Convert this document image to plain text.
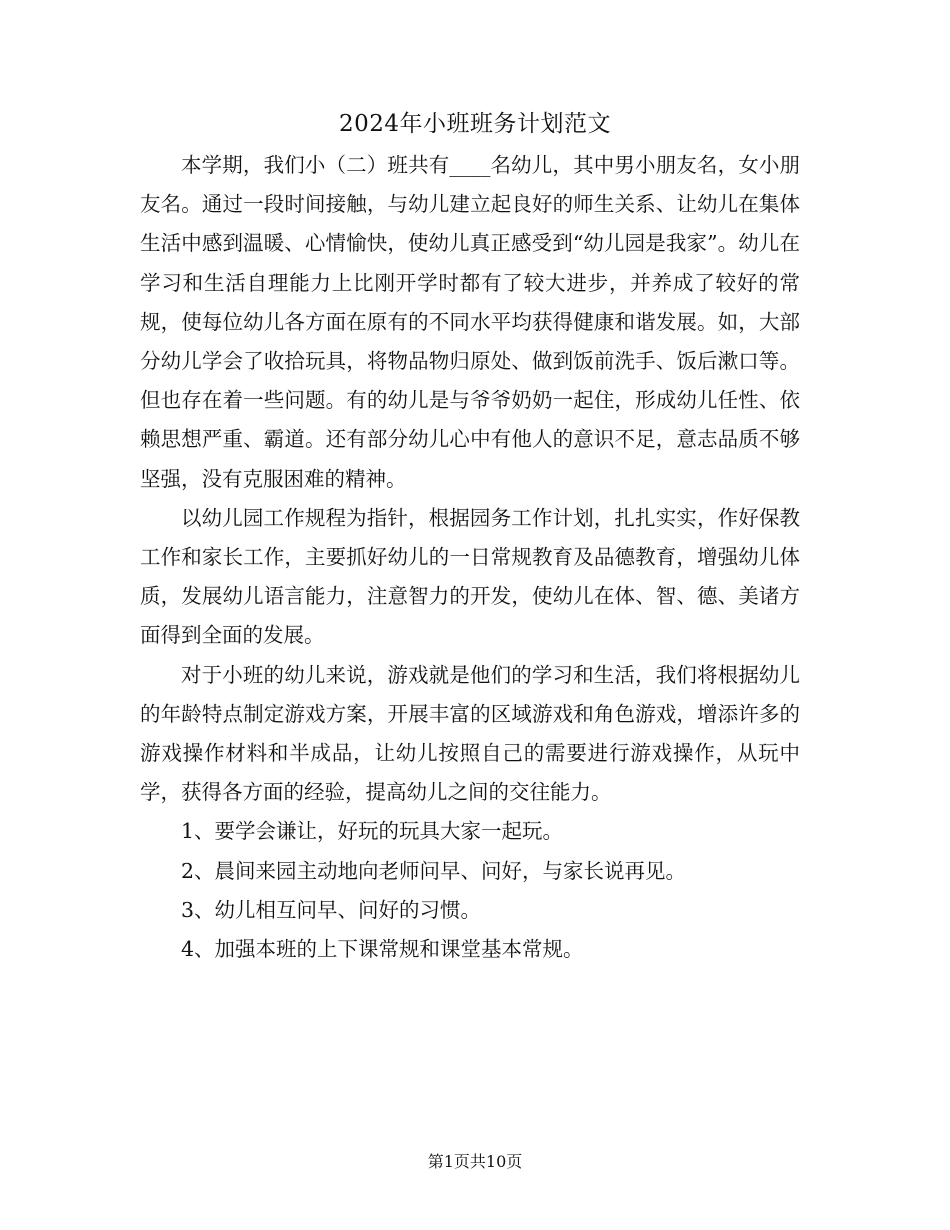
2024年小班班务计划范文

本学期，我们小（二）班共有____名幼儿，其中男小朋友名，女小朋友名。通过一段时间接触，与幼儿建立起良好的师生关系、让幼儿在集体生活中感到温暖、心情愉快，使幼儿真正感受到“幼儿园是我家”。幼儿在学习和生活自理能力上比刚开学时都有了较大进步，并养成了较好的常规，使每位幼儿各方面在原有的不同水平均获得健康和谐发展。如，大部分幼儿学会了收拾玩具，将物品物归原处、做到饭前洗手、饭后漱口等。但也存在着一些问题。有的幼儿是与爷爷奶奶一起住，形成幼儿任性、依赖思想严重、霸道。还有部分幼儿心中有他人的意识不足，意志品质不够坚强，没有克服困难的精神。

以幼儿园工作规程为指针，根据园务工作计划，扎扎实实，作好保教工作和家长工作，主要抓好幼儿的一日常规教育及品德教育，增强幼儿体质，发展幼儿语言能力，注意智力的开发，使幼儿在体、智、德、美诸方面得到全面的发展。

对于小班的幼儿来说，游戏就是他们的学习和生活，我们将根据幼儿的年龄特点制定游戏方案，开展丰富的区域游戏和角色游戏，增添许多的游戏操作材料和半成品，让幼儿按照自己的需要进行游戏操作，从玩中学，获得各方面的经验，提高幼儿之间的交往能力。

1、要学会谦让，好玩的玩具大家一起玩。

2、晨间来园主动地向老师问早、问好，与家长说再见。

3、幼儿相互问早、问好的习惯。

4、加强本班的上下课常规和课堂基本常规。

第1页共10页
